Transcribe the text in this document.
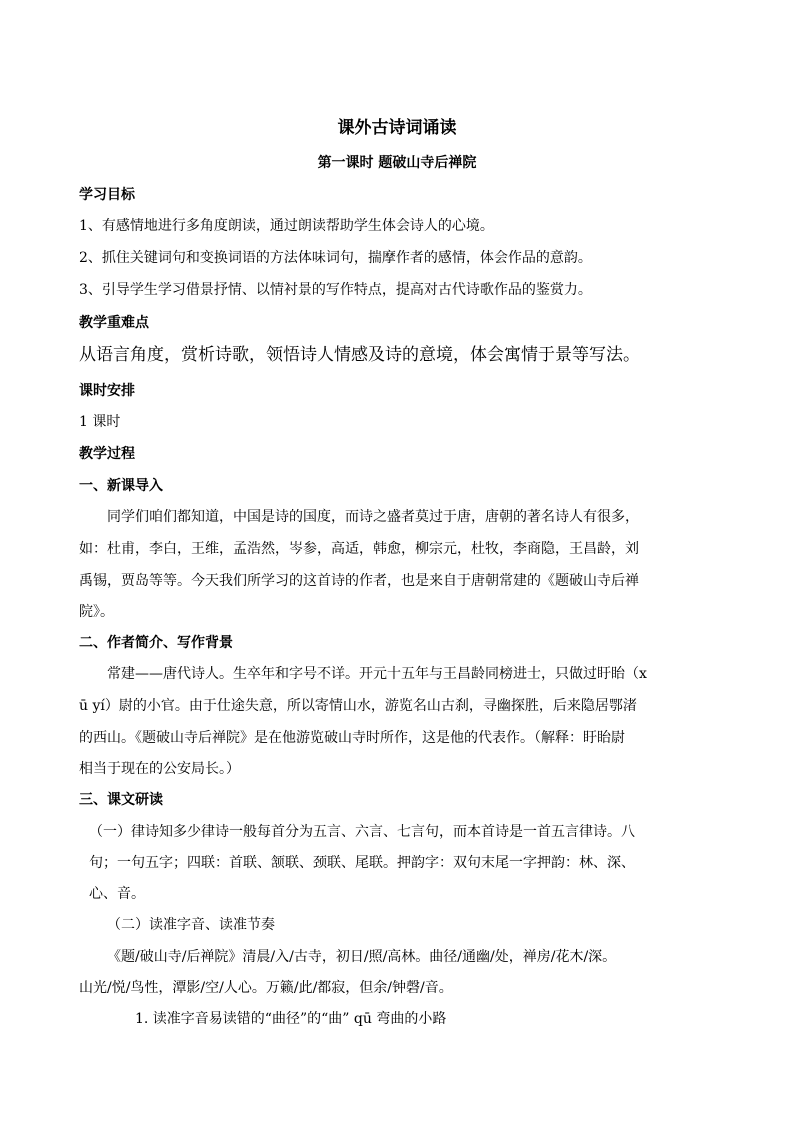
课外古诗词诵读
第一课时 题破山寺后禅院
学习目标
1、有感情地进行多角度朗读，通过朗读帮助学生体会诗人的心境。
2、抓住关键词句和变换词语的方法体味词句，揣摩作者的感情，体会作品的意韵。
3、引导学生学习借景抒情、以情衬景的写作特点，提高对古代诗歌作品的鉴赏力。
教学重难点
从语言角度，赏析诗歌，领悟诗人情感及诗的意境，体会寓情于景等写法。
课时安排
1 课时
教学过程
一、新课导入
同学们咱们都知道，中国是诗的国度，而诗之盛者莫过于唐，唐朝的著名诗人有很多，
如：杜甫，李白，王维，孟浩然，岑参，高适，韩愈，柳宗元，杜牧，李商隐，王昌龄，刘
禹锡，贾岛等等。今天我们所学习的这首诗的作者，也是来自于唐朝常建的《题破山寺后禅
院》。
二、作者简介、写作背景
常建——唐代诗人。生卒年和字号不详。开元十五年与王昌龄同榜进士，只做过盱眙（x
ū yí）尉的小官。由于仕途失意，所以寄情山水，游览名山古刹，寻幽探胜，后来隐居鄂渚
的西山。《题破山寺后禅院》是在他游览破山寺时所作，这是他的代表作。（解释：盱眙尉
相当于现在的公安局长。）
三、课文研读
（一）律诗知多少律诗一般每首分为五言、六言、七言句，而本首诗是一首五言律诗。八
句；一句五字；四联：首联、颔联、颈联、尾联。押韵字：双句末尾一字押韵：林、深、
心、音。
（二）读准字音、读准节奏
《题/破山寺/后禅院》清晨/入/古寺，初日/照/高林。曲径/通幽/处，禅房/花木/深。
山光/悦/鸟性，潭影/空/人心。万籁/此/都寂，但余/钟磬/音。
1. 读准字音易读错的“曲径”的“曲” qū 弯曲的小路
